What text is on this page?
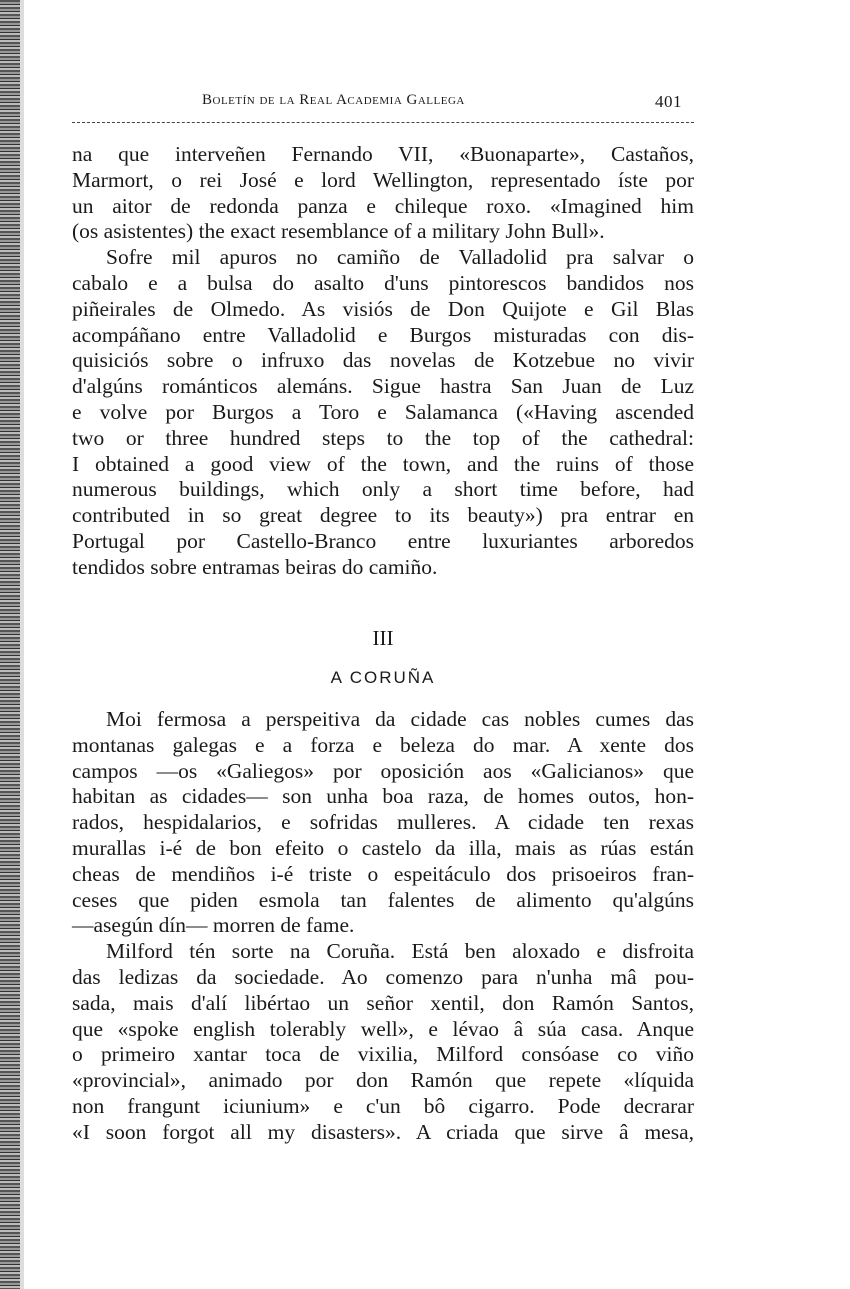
Boletín de la Real Academia Gallega	401
na que interveñen Fernando VII, «Buonaparte», Castaños,
Marmort, o rei José e lord Wellington, representado íste por
un aitor de redonda panza e chileque roxo. «Imagined him
(os asistentes) the exact resemblance of a military John Bull».
Sofre mil apuros no camiño de Valladolid pra salvar o
cabalo e a bulsa do asalto d'uns pintorescos bandidos nos
piñeirales de Olmedo. As visiós de Don Quijote e Gil Blas
acompáñano entre Valladolid e Burgos misturadas con dis-
quisiciós sobre o infruxo das novelas de Kotzebue no vivir
d'algúns románticos alemáns. Sigue hastra San Juan de Luz
e volve por Burgos a Toro e Salamanca («Having ascended
two or three hundred steps to the top of the cathedral:
I obtained a good view of the town, and the ruins of those
numerous buildings, which only a short time before, had
contributed in so great degree to its beauty») pra entrar en
Portugal por Castello-Branco entre luxuriantes arboredos
tendidos sobre entramas beiras do camiño.
III
A CORUÑA
Moi fermosa a perspeitiva da cidade cas nobles cumes das
montanas galegas e a forza e beleza do mar. A xente dos
campos —os «Galiegos» por oposición aos «Galicianos» que
habitan as cidades— son unha boa raza, de homes outos, hon-
rados, hespidalarios, e sofridas mulleres. A cidade ten rexas
murallas i-é de bon efeito o castelo da illa, mais as rúas están
cheas de mendiños i-é triste o espeitáculo dos prisoeiros fran-
ceses que piden esmola tan falentes de alimento qu'algúns
—asegún dín— morren de fame.
Milford tén sorte na Coruña. Está ben aloxado e disfroita
das ledizas da sociedade. Ao comenzo para n'unha mâ pou-
sada, mais d'alí libértao un señor xentil, don Ramón Santos,
que «spoke english tolerably well», e lévao â súa casa. Anque
o primeiro xantar toca de vixilia, Milford consóase co viño
«provincial», animado por don Ramón que repete «líquida
non frangunt iciunium» e c'un bô cigarro. Pode decrarar
«I soon forgot all my disasters». A criada que sirve â mesa,
